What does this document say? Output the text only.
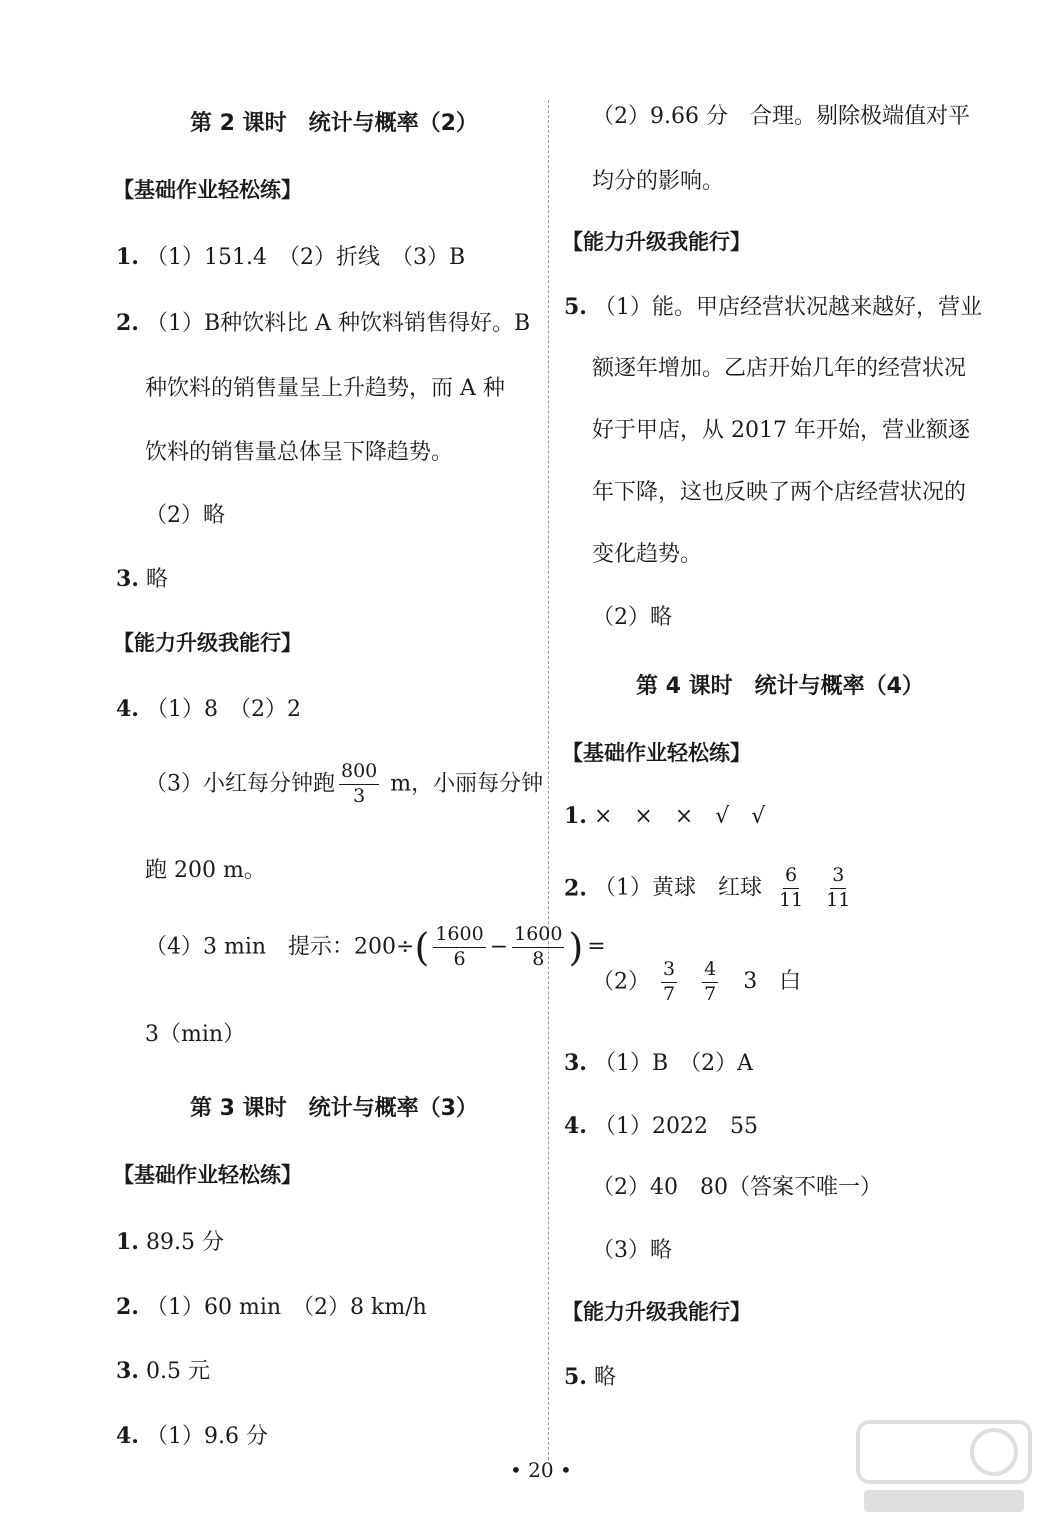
第 2 课时　统计与概率（2）
【基础作业轻松练】
1. （1）151.4　（2）折线　（3）B
2. （1）B种饮料比 A 种饮料销售得好。B
种饮料的销售量呈上升趋势，而 A 种
饮料的销售量总体呈下降趋势。
（2）略
3. 略
【能力升级我能行】
4. （1）8　（2）2
（3）小红每分钟跑 $\frac{800}{3}$ m，小丽每分钟
跑 200 m。
（4）3 min　提示：$200\div( \frac{1600}{6} - \frac{1600}{8}$ ) =
3（min）
第 3 课时　统计与概率（3）
【基础作业轻松练】
1. 89.5 分
2. （1）60 min　（2）8 km/h
3. 0.5 元
4. （1）9.6 分
（2）9.66 分　合理。剔除极端值对平
均分的影响。
【能力升级我能行】
5. （1）能。甲店经营状况越来越好，营业
额逐年增加。乙店开始几年的经营状况
好于甲店，从 2017 年开始，营业额逐
年下降，这也反映了两个店经营状况的
变化趋势。
（2）略
第 4 课时　统计与概率（4）
【基础作业轻松练】
1. ×　×　×　√　√
2. （1）黄球　红球 $\frac{6}{11}$
$\frac{3}{11}$
$(2) \frac{3}{7}$
$\frac{4}{7} 3$　白
3. （1）B　（2）A
4. （1）2022　55
（2）40　80（答案不唯一）
（3）略
【能力升级我能行】
5. 略
• 20 •
